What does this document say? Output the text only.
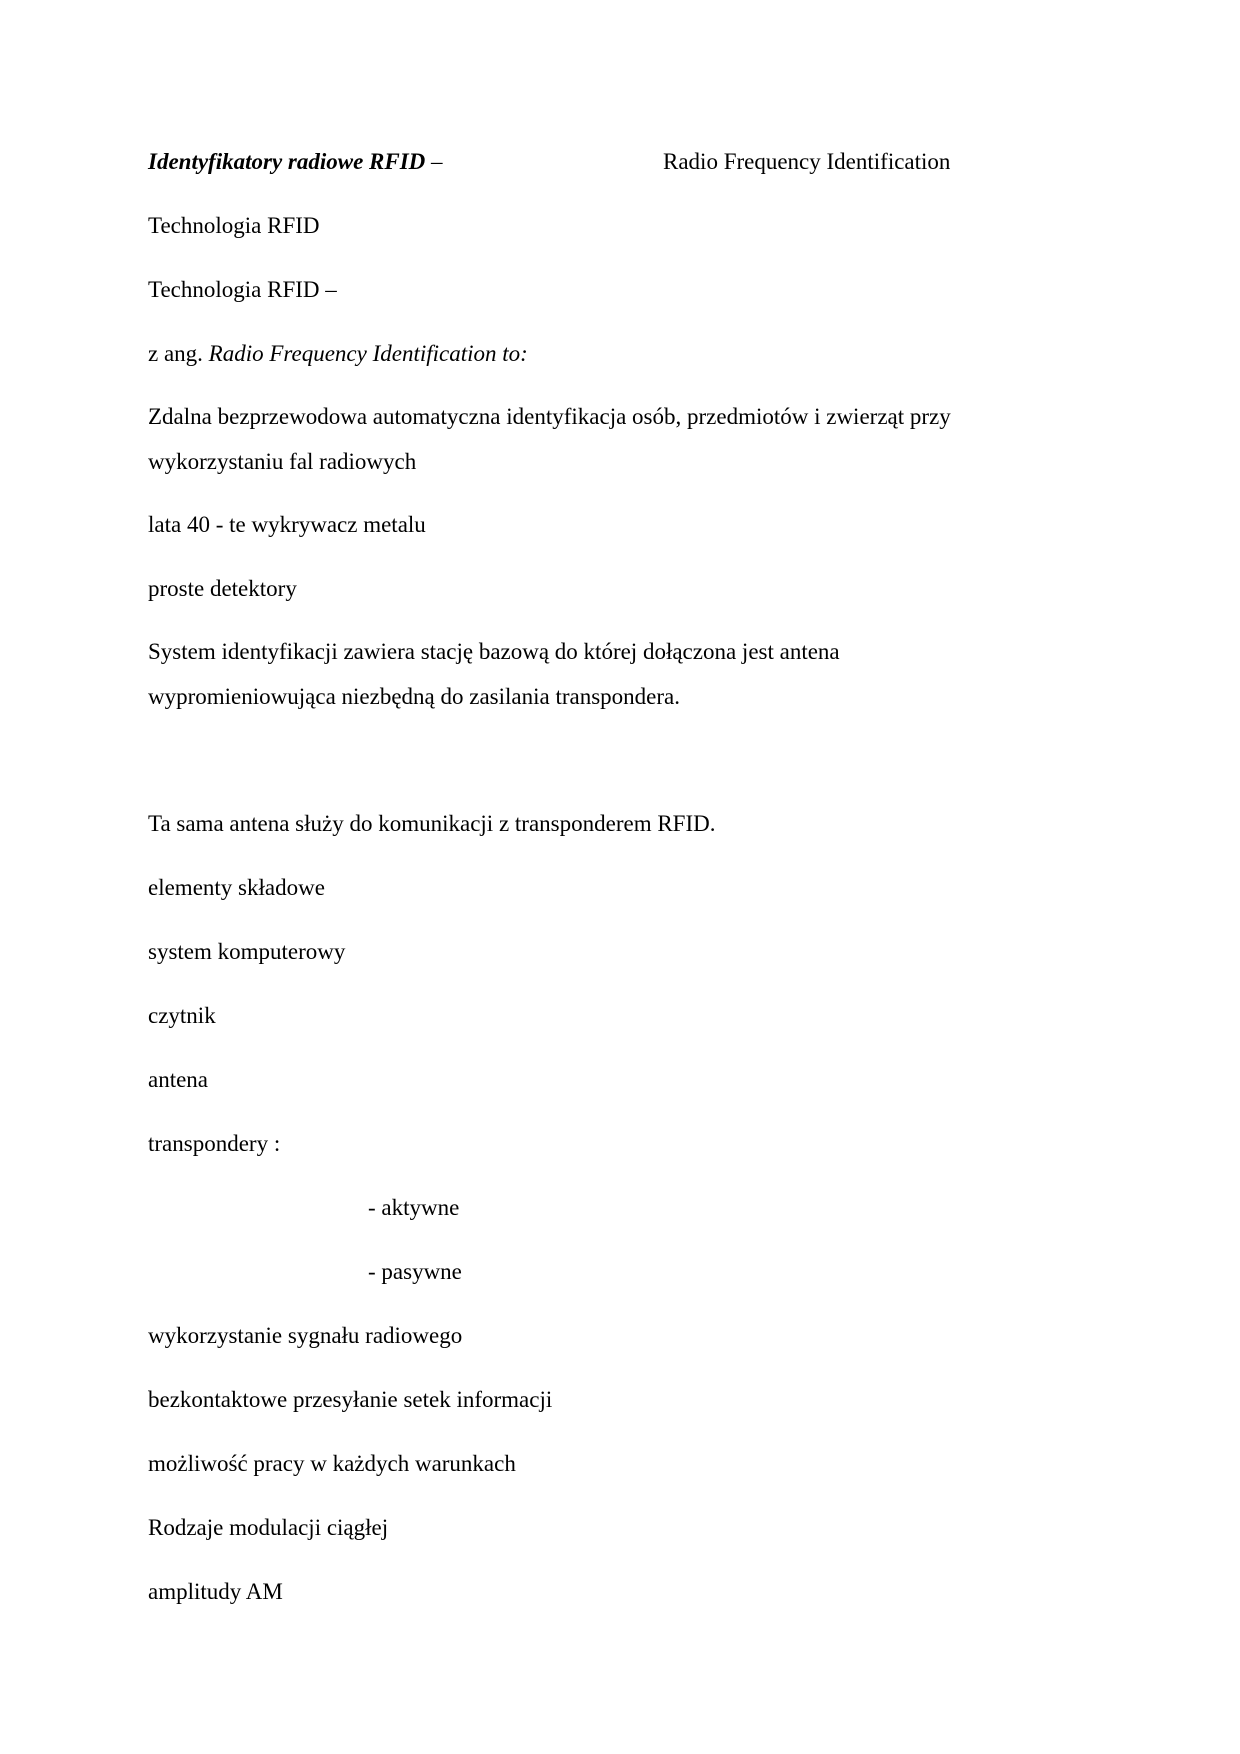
Identyfikatory radiowe RFID –	Radio Frequency Identification
Technologia RFID
Technologia RFID –
z ang. Radio Frequency Identification to:
Zdalna bezprzewodowa automatyczna identyfikacja osób, przedmiotów i zwierząt przy
wykorzystaniu fal radiowych
lata 40 - te wykrywacz metalu
proste detektory
System identyfikacji zawiera stację bazową do której dołączona jest antena
wypromieniowująca niezbędną do zasilania transpondera.
Ta sama antena służy do komunikacji z transponderem RFID.
elementy składowe
system komputerowy
czytnik
antena
transpondery :
- aktywne
- pasywne
wykorzystanie sygnału radiowego
bezkontaktowe przesyłanie setek informacji
możliwość pracy w każdych warunkach
Rodzaje modulacji ciągłej
amplitudy AM
